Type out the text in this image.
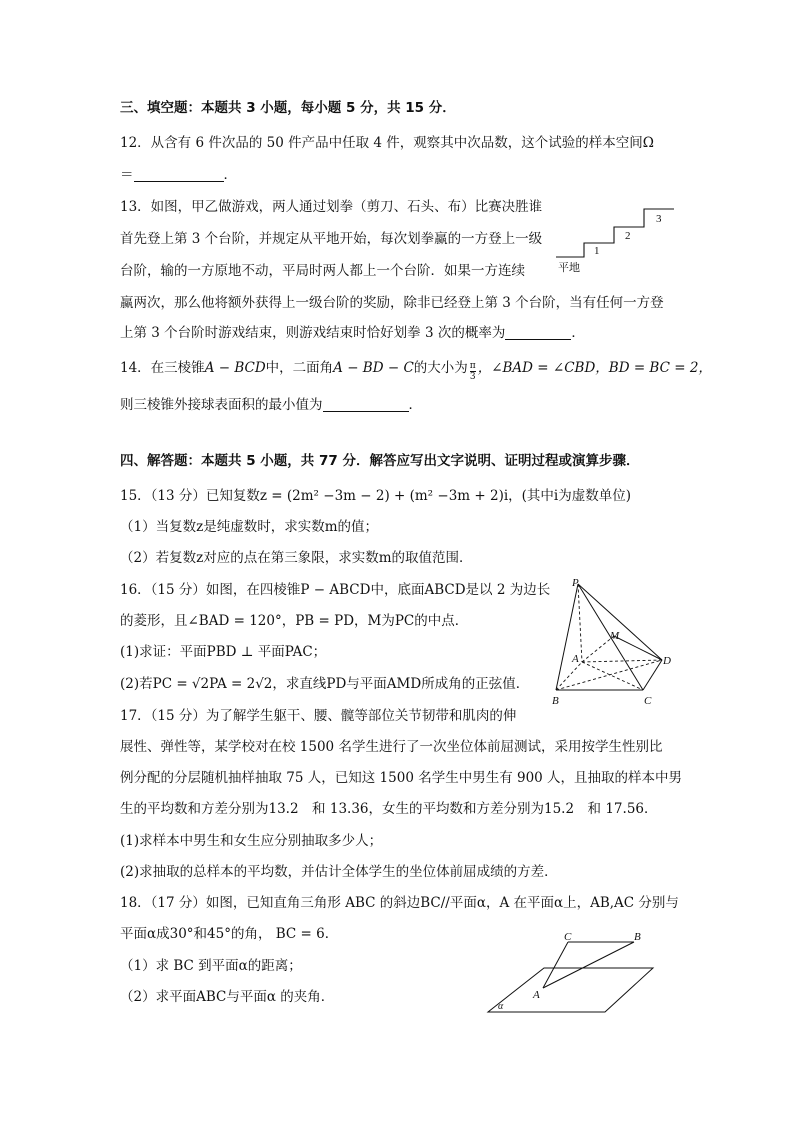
三、填空题：本题共 3 小题，每小题 5 分，共 15 分．
12．从含有 6 件次品的 50 件产品中任取 4 件，观察其中次品数，这个试验的样本空间Ω
＝	．
13．如图，甲乙做游戏，两人通过划拳（剪刀、石头、布）比赛决胜谁
首先登上第 3 个台阶，并规定从平地开始，每次划拳赢的一方登上一级
台阶，输的一方原地不动，平局时两人都上一个台阶．如果一方连续
赢两次，那么他将额外获得上一级台阶的奖励，除非已经登上第 3 个台阶，当有任何一方登
上第 3 个台阶时游戏结束，则游戏结束时恰好划拳 3 次的概率为	．
1
2
3
平地
14．在三棱锥A − BCD中，二面角A − BD − C的大小为 $\frac{\pi}{3}$ ，∠BAD = ∠CBD，BD = BC = 2，
则三棱锥外接球表面积的最小值为	．
四、解答题：本题共 5 小题，共 77 分．解答应写出文字说明、证明过程或演算步骤．
15．（13 分）已知复数z = (2m² −3m − 2) + (m² −3m + 2)i，(其中i为虚数单位)
（1）当复数z是纯虚数时，求实数m的值；
（2）若复数z对应的点在第三象限，求实数m的取值范围．
16．（15 分）如图，在四棱锥P − ABCD中，底面ABCD是以 2 为边长
的菱形，且∠BAD = 120°，PB = PD，M为PC的中点．
(1)求证：平面PBD ⊥ 平面PAC；
(2)若PC = √2PA = 2√2，求直线PD与平面AMD所成角的正弦值．
P
M
A	D
B	C
17．（15 分）为了解学生躯干、腰、髋等部位关节韧带和肌肉的伸
展性、弹性等，某学校对在校 1500 名学生进行了一次坐位体前屈测试，采用按学生性别比
例分配的分层随机抽样抽取 75 人，已知这 1500 名学生中男生有 900 人，且抽取的样本中男
生的平均数和方差分别为13.2　和 13.36，女生的平均数和方差分别为15.2　和 17.56．
(1)求样本中男生和女生应分别抽取多少人；
(2)求抽取的总样本的平均数，并估计全体学生的坐位体前屈成绩的方差．
18．（17 分）如图，已知直角三角形 ABC 的斜边BC//平面α，A 在平面α上，AB,AC 分别与
平面α成30°和45°的角， BC = 6．
（1）求 BC 到平面α的距离；
（2）求平面ABC与平面α 的夹角．
C	B
A
α
